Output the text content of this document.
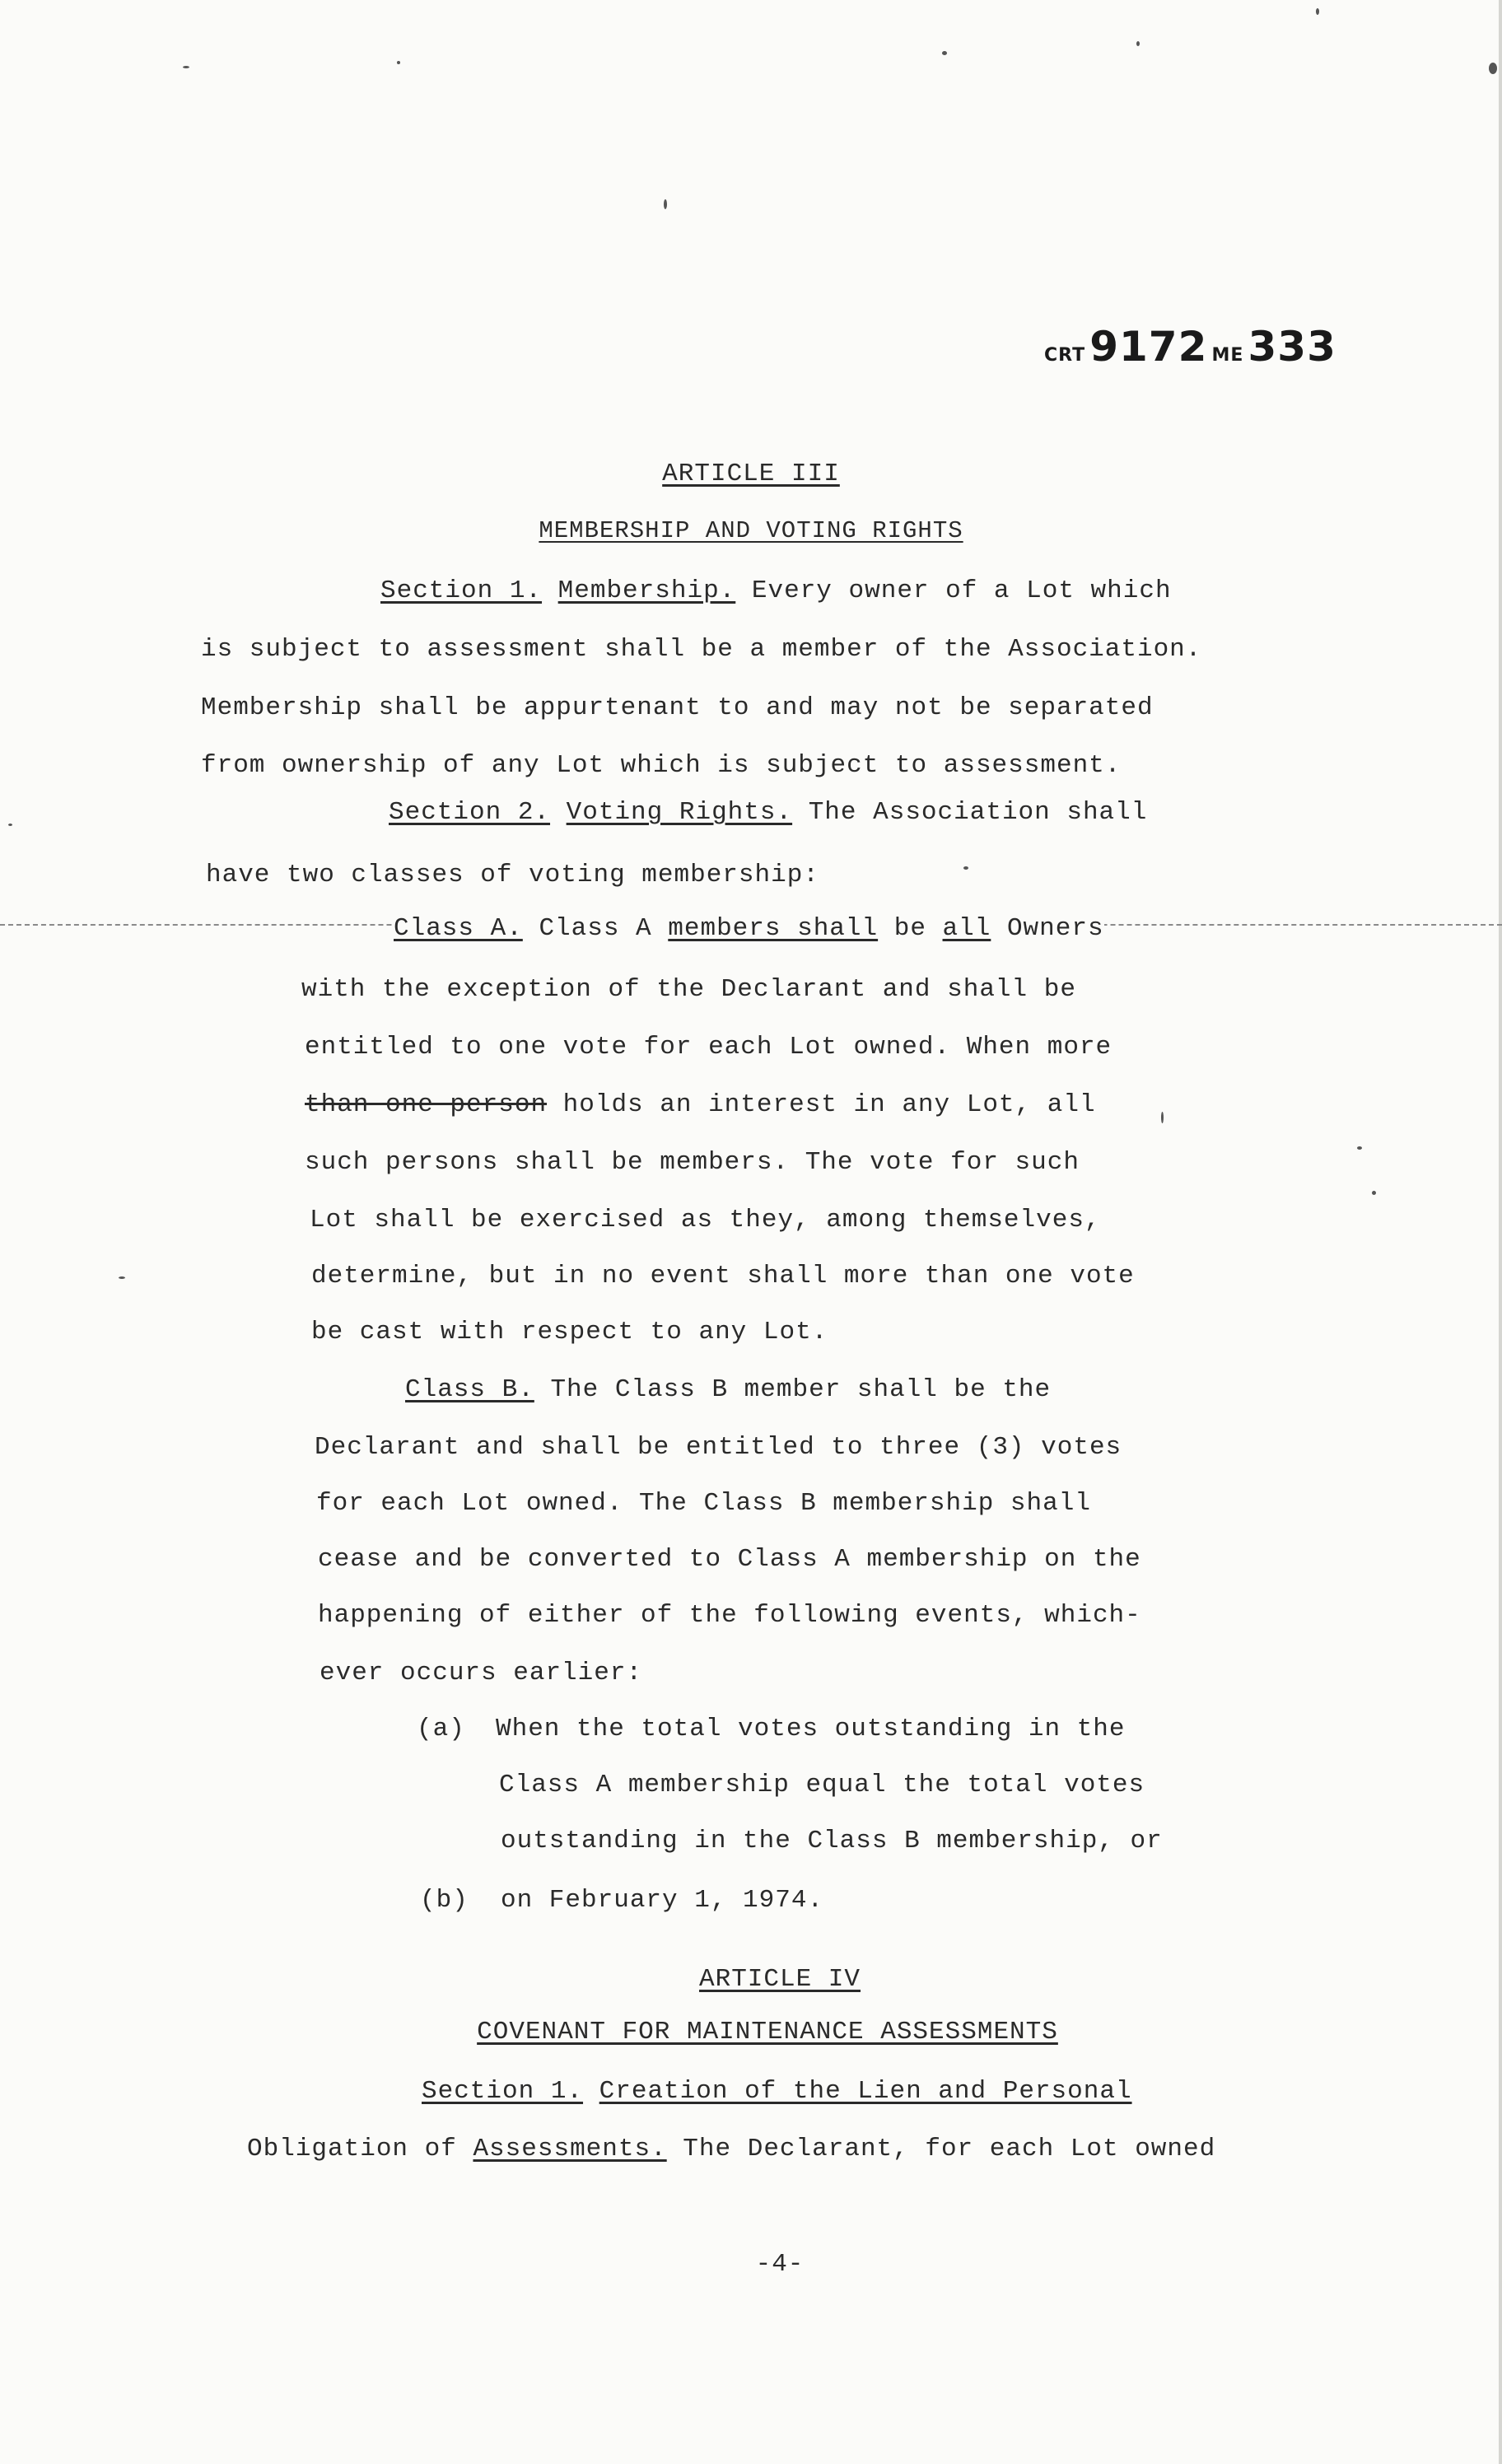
CRT 9172 ME 333
ARTICLE III
MEMBERSHIP AND VOTING RIGHTS
Section 1. Membership. Every owner of a Lot which
is subject to assessment shall be a member of the Association.
Membership shall be appurtenant to and may not be separated
from ownership of any Lot which is subject to assessment.
Section 2. Voting Rights. The Association shall
have two classes of voting membership:
Class A. Class A members shall be all Owners
with the exception of the Declarant and shall be
entitled to one vote for each Lot owned. When more
than one person holds an interest in any Lot, all
such persons shall be members. The vote for such
Lot shall be exercised as they, among themselves,
determine, but in no event shall more than one vote
be cast with respect to any Lot.
Class B. The Class B member shall be the
Declarant and shall be entitled to three (3) votes
for each Lot owned. The Class B membership shall
cease and be converted to Class A membership on the
happening of either of the following events, which-
ever occurs earlier:
(a) When the total votes outstanding in the
Class A membership equal the total votes
outstanding in the Class B membership, or
(b) on February 1, 1974.
ARTICLE IV
COVENANT FOR MAINTENANCE ASSESSMENTS
Section 1. Creation of the Lien and Personal
Obligation of Assessments. The Declarant, for each Lot owned
-4-
